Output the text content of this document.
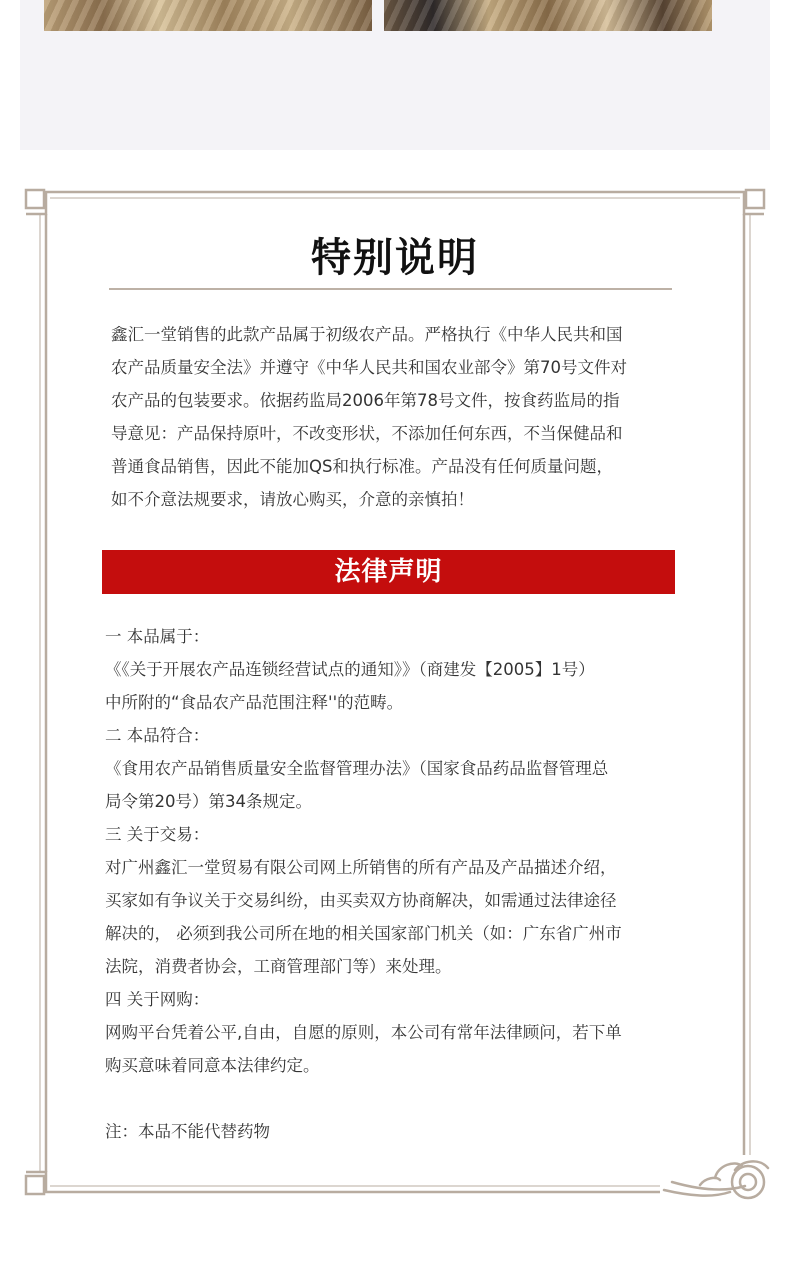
特别说明
鑫汇一堂销售的此款产品属于初级农产品。严格执行《中华人民共和国
农产品质量安全法》并遵守《中华人民共和国农业部令》第70号文件对
农产品的包装要求。依据药监局2006年第78号文件，按食药监局的指
导意见：产品保持原叶，不改变形状，不添加任何东西，不当保健品和
普通食品销售，因此不能加QS和执行标准。产品没有任何质量问题，
如不介意法规要求，请放心购买，介意的亲慎拍！
法律声明

一 本品属于：

《《关于开展农产品连锁经营试点的通知》》（商建发【2005】1号）

中所附的“食品农产品范围注释''的范畴。

二 本品符合：

《食用农产品销售质量安全监督管理办法》（国家食品药品监督管理总

局令第20号）第34条规定。

三 关于交易：

对广州鑫汇一堂贸易有限公司网上所销售的所有产品及产品描述介绍，

买家如有争议关于交易纠纷，由买卖双方协商解决，如需通过法律途径

解决的， 必须到我公司所在地的相关国家部门机关（如：广东省广州市

法院，消费者协会，工商管理部门等）来处理。

四 关于网购：

网购平台凭着公平,自由，自愿的原则，本公司有常年法律顾问，若下单

购买意味着同意本法律约定。

注：本品不能代替药物
